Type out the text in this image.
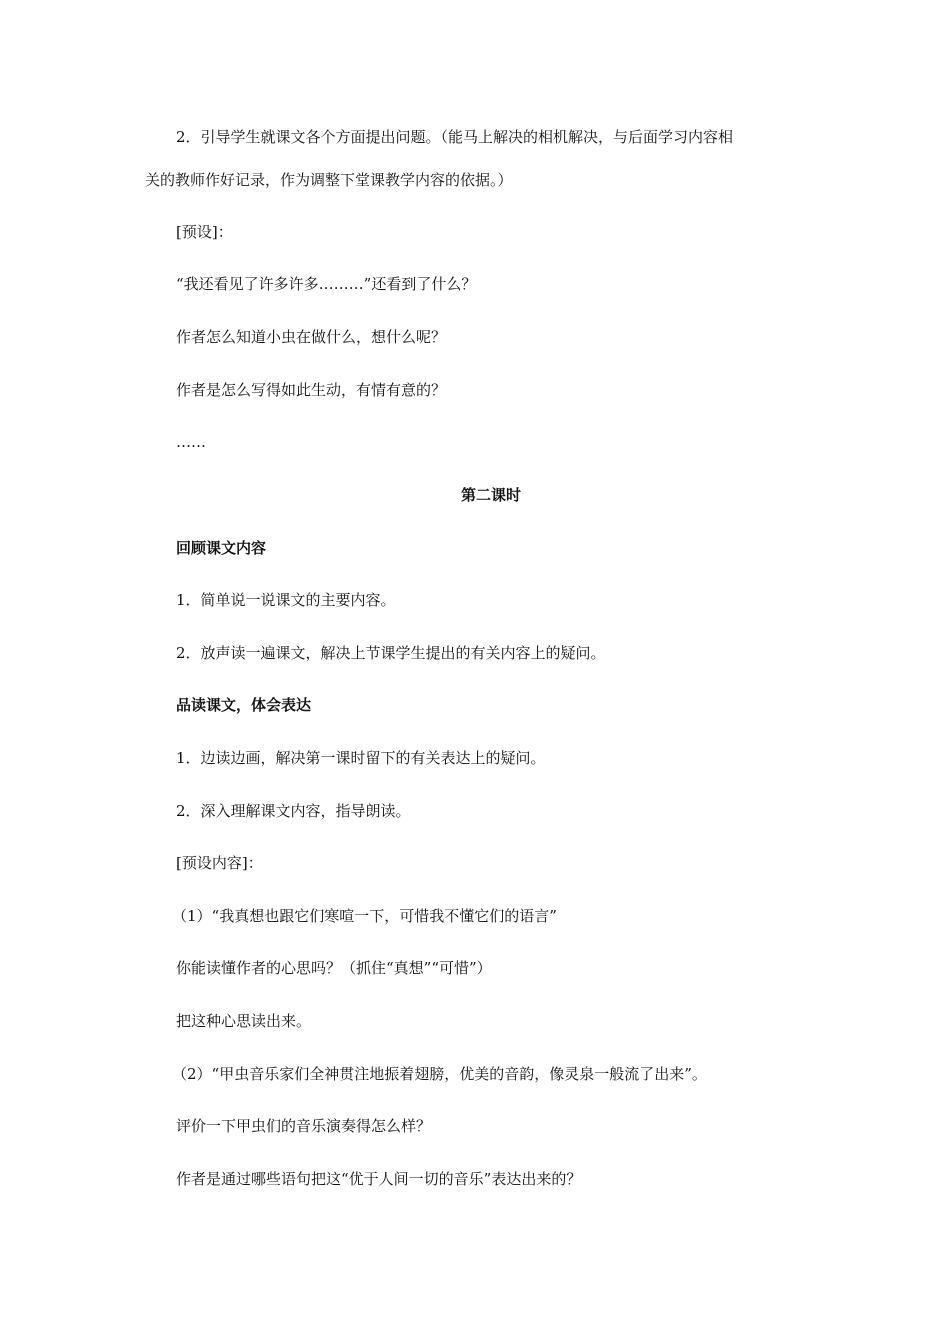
2．引导学生就课文各个方面提出问题。（能马上解决的相机解决，与后面学习内容相
关的教师作好记录，作为调整下堂课教学内容的依据。）
[预设]：
“我还看见了许多许多………”还看到了什么？
作者怎么知道小虫在做什么，想什么呢？
作者是怎么写得如此生动，有情有意的？
……
第二课时
回顾课文内容
1．简单说一说课文的主要内容。
2．放声读一遍课文，解决上节课学生提出的有关内容上的疑问。
品读课文，体会表达
1．边读边画，解决第一课时留下的有关表达上的疑问。
2．深入理解课文内容，指导朗读。
[预设内容]：
（1）“我真想也跟它们寒喧一下，可惜我不懂它们的语言”
你能读懂作者的心思吗？（抓住“真想”“可惜”）
把这种心思读出来。
（2）“甲虫音乐家们全神贯注地振着翅膀，优美的音韵，像灵泉一般流了出来”。
评价一下甲虫们的音乐演奏得怎么样？
作者是通过哪些语句把这“优于人间一切的音乐”表达出来的？
